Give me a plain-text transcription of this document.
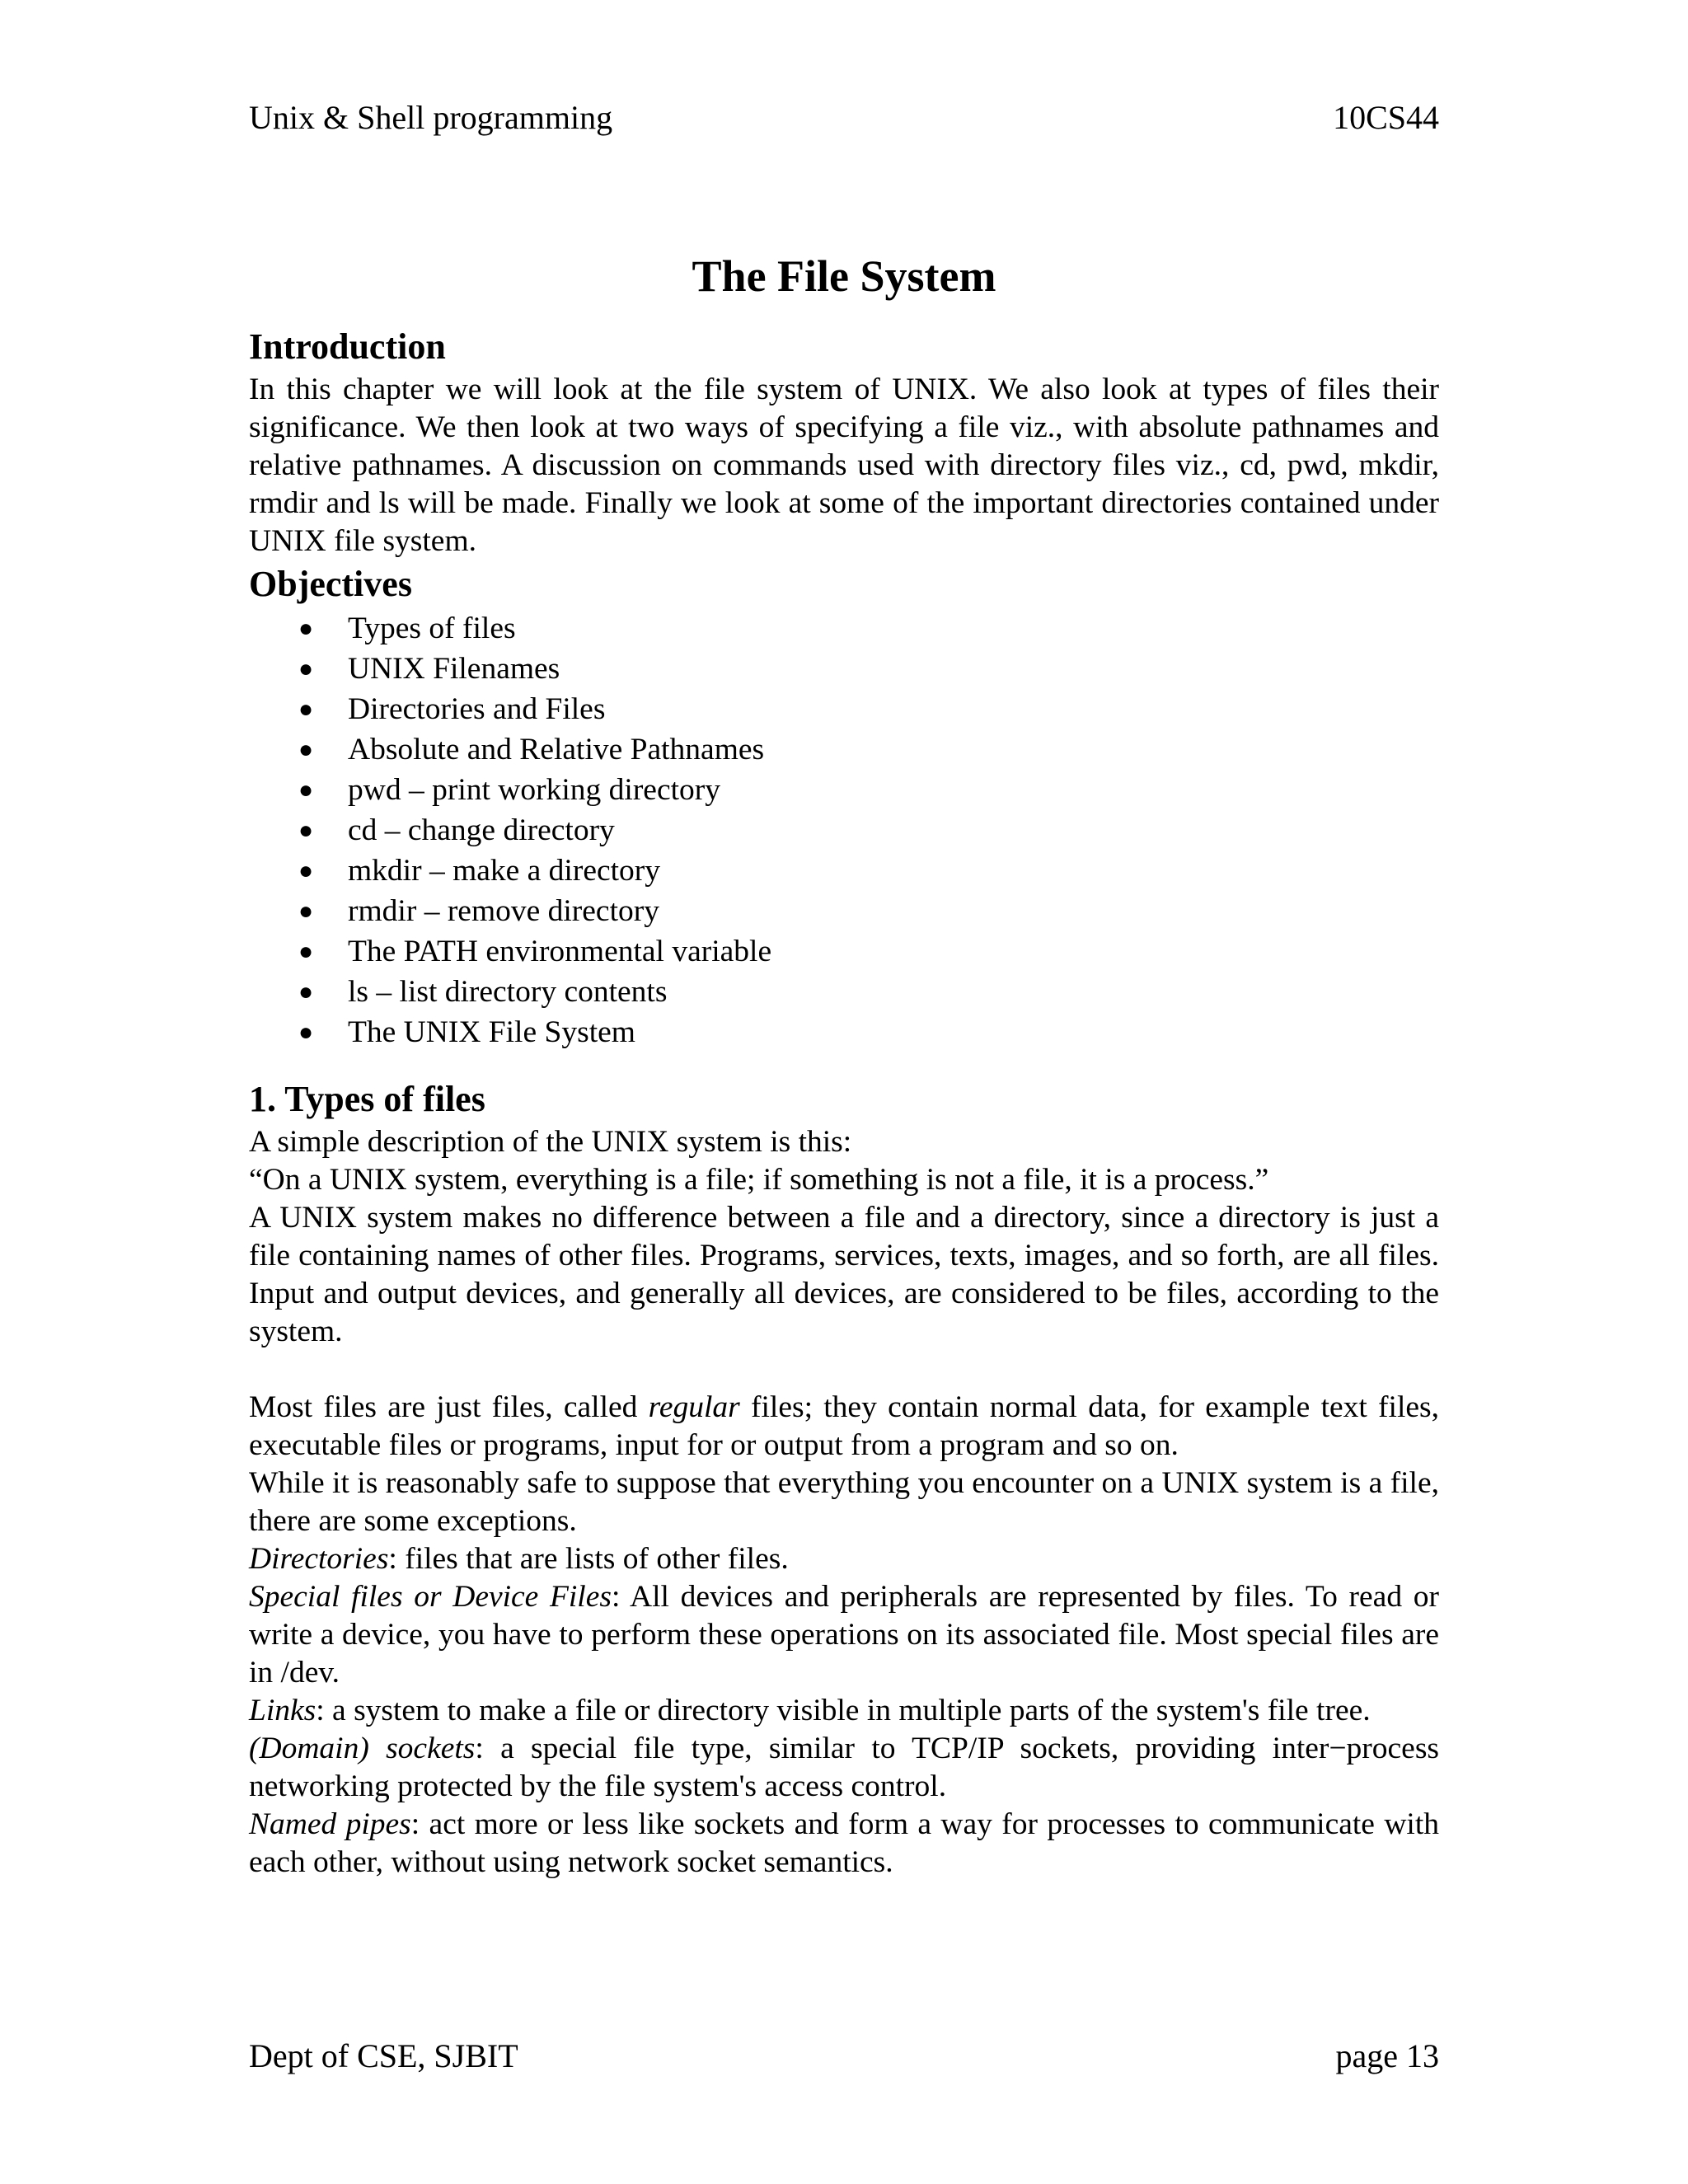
Unix & Shell programming	10CS44
The File System
Introduction

In this chapter we will look at the file system of UNIX. We also look at types of files their significance. We then look at two ways of specifying a file viz., with absolute pathnames and relative pathnames. A discussion on commands used with directory files viz., cd, pwd, mkdir, rmdir and ls will be made. Finally we look at some of the important directories contained under UNIX file system.

Objectives
● Types of files
● UNIX Filenames
● Directories and Files
● Absolute and Relative Pathnames
● pwd – print working directory
● cd – change directory
● mkdir – make a directory
● rmdir – remove directory
● The PATH environmental variable
● ls – list directory contents
● The UNIX File System
1. Types of files

A simple description of the UNIX system is this:

“On a UNIX system, everything is a file; if something is not a file, it is a process.”

A UNIX system makes no difference between a file and a directory, since a directory is just a file containing names of other files. Programs, services, texts, images, and so forth, are all files. Input and output devices, and generally all devices, are considered to be files, according to the system.

Most files are just files, called regular files; they contain normal data, for example text files, executable files or programs, input for or output from a program and so on.

While it is reasonably safe to suppose that everything you encounter on a UNIX system is a file, there are some exceptions.

Directories: files that are lists of other files.

Special files or Device Files: All devices and peripherals are represented by files. To read or write a device, you have to perform these operations on its associated file. Most special files are in /dev.

Links: a system to make a file or directory visible in multiple parts of the system's file tree.

(Domain) sockets: a special file type, similar to TCP/IP sockets, providing inter−process networking protected by the file system's access control.

Named pipes: act more or less like sockets and form a way for processes to communicate with each other, without using network socket semantics.

Dept of CSE, SJBIT	page 13
